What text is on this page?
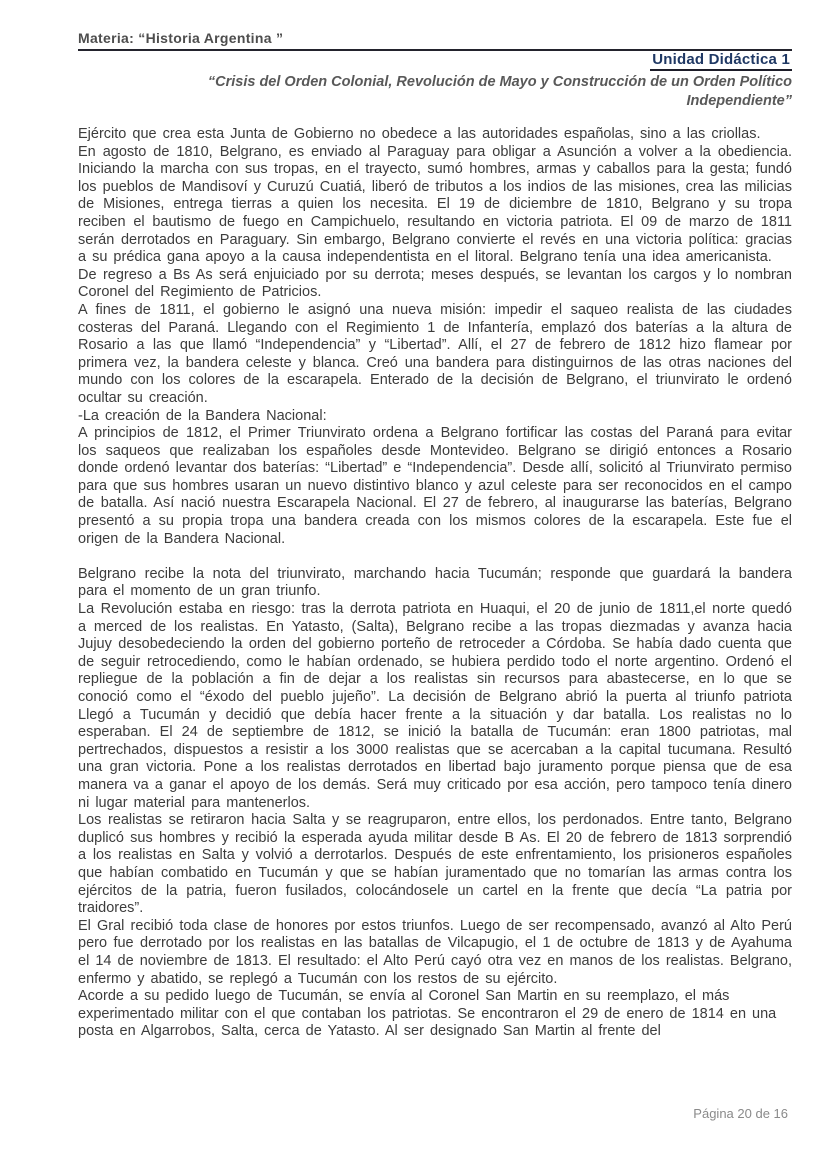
Materia: “Historia Argentina ”
Unidad Didáctica 1
“Crisis del Orden Colonial, Revolución de Mayo y Construcción de un Orden Político Independiente”

Ejército que crea esta Junta de Gobierno no obedece a las autoridades españolas, sino a las criollas.

En agosto de 1810, Belgrano, es enviado al Paraguay para obligar a Asunción a volver a la obediencia. Iniciando la marcha con sus tropas, en el trayecto, sumó hombres, armas y caballos para la gesta; fundó los pueblos de Mandisoví y Curuzú Cuatiá, liberó de tributos a los indios de las misiones, crea las milicias de Misiones, entrega tierras a quien los necesita. El 19 de diciembre de 1810, Belgrano y su tropa reciben el bautismo de fuego en Campichuelo, resultando en victoria patriota. El 09 de marzo de 1811 serán derrotados en Paraguary. Sin embargo, Belgrano convierte el revés en una victoria política: gracias a su prédica gana apoyo a la causa independentista en el litoral. Belgrano tenía una idea americanista.

De regreso a Bs As será enjuiciado por su derrota; meses después, se levantan los cargos y lo nombran Coronel del Regimiento de Patricios.

A fines de 1811, el gobierno le asignó una nueva misión: impedir el saqueo realista de las ciudades costeras del Paraná. Llegando con el Regimiento 1 de Infantería, emplazó dos baterías a la altura de Rosario a las que llamó “Independencia” y “Libertad”. Allí, el 27 de febrero de 1812 hizo flamear por primera vez, la bandera celeste y blanca. Creó una bandera para distinguirnos de las otras naciones del mundo con los colores de la escarapela. Enterado de la decisión de Belgrano, el triunvirato le ordenó ocultar su creación.

-La creación de la Bandera Nacional:

A principios de 1812, el Primer Triunvirato ordena a Belgrano fortificar las costas del Paraná para evitar los saqueos que realizaban los españoles desde Montevideo. Belgrano se dirigió entonces a Rosario donde ordenó levantar dos baterías: “Libertad” e “Independencia”. Desde allí, solicitó al Triunvirato permiso para que sus hombres usaran un nuevo distintivo blanco y azul celeste para ser reconocidos en el campo de batalla. Así nació nuestra Escarapela Nacional. El 27 de febrero, al inaugurarse las baterías, Belgrano presentó a su propia tropa una bandera creada con los mismos colores de la escarapela. Este fue el origen de la Bandera Nacional.

Belgrano recibe la nota del triunvirato, marchando hacia Tucumán; responde que guardará la bandera para el momento de un gran triunfo.

La Revolución estaba en riesgo: tras la derrota patriota en Huaqui, el 20 de junio de 1811,el norte quedó a merced de los realistas. En Yatasto, (Salta), Belgrano recibe a las tropas diezmadas y avanza hacia Jujuy desobedeciendo la orden del gobierno porteño de retroceder a Córdoba. Se había dado cuenta que de seguir retrocediendo, como le habían ordenado, se hubiera perdido todo el norte argentino. Ordenó el repliegue de la población a fin de dejar a los realistas sin recursos para abastecerse, en lo que se conoció como el “éxodo del pueblo jujeño”. La decisión de Belgrano abrió la puerta al triunfo patriota Llegó a Tucumán y decidió que debía hacer frente a la situación y dar batalla. Los realistas no lo esperaban. El 24 de septiembre de 1812, se inició la batalla de Tucumán: eran 1800 patriotas, mal pertrechados, dispuestos a resistir a los 3000 realistas que se acercaban a la capital tucumana. Resultó una gran victoria. Pone a los realistas derrotados en libertad bajo juramento porque piensa que de esa manera va a ganar el apoyo de los demás. Será muy criticado por esa acción, pero tampoco tenía dinero ni lugar material para mantenerlos.

Los realistas se retiraron hacia Salta y se reagruparon, entre ellos, los perdonados. Entre tanto, Belgrano duplicó sus hombres y recibió la esperada ayuda militar desde B As. El 20 de febrero de 1813 sorprendió a los realistas en Salta y volvió a derrotarlos. Después de este enfrentamiento, los prisioneros españoles que habían combatido en Tucumán y que se habían juramentado que no tomarían las armas contra los ejércitos de la patria, fueron fusilados, colocándosele un cartel en la frente que decía “La patria por traidores”.

El Gral recibió toda clase de honores por estos triunfos. Luego de ser recompensado, avanzó al Alto Perú pero fue derrotado por los realistas en las batallas de Vilcapugio, el 1 de octubre de 1813 y de Ayahuma el 14 de noviembre de 1813. El resultado: el Alto Perú cayó otra vez en manos de los realistas. Belgrano, enfermo y abatido, se replegó a Tucumán con los restos de su ejército.

Acorde a su pedido luego de Tucumán, se envía al Coronel San Martin en su reemplazo, el más experimentado militar con el que contaban los patriotas. Se encontraron el 29 de enero de 1814 en una posta en Algarrobos, Salta, cerca de Yatasto. Al ser designado San Martin al frente del

Página 20 de 16
